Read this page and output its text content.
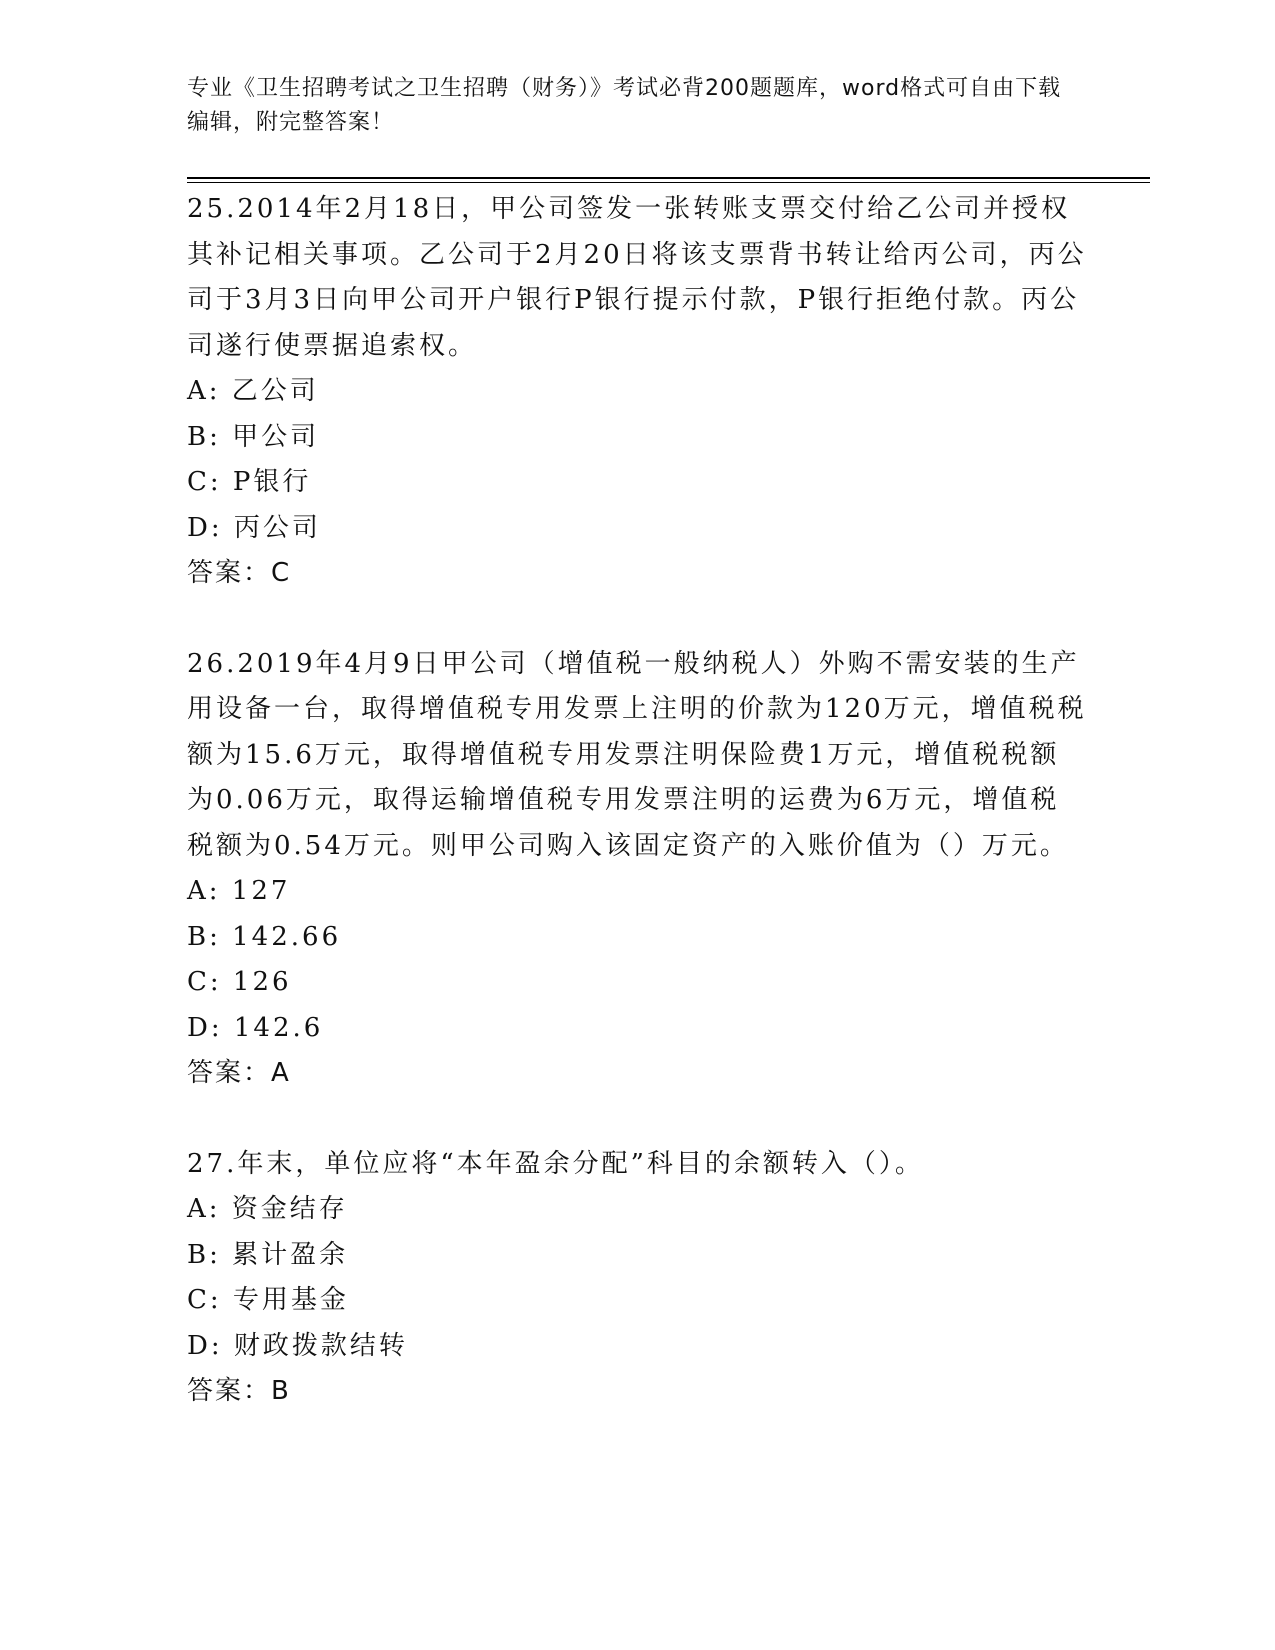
专业《卫生招聘考试之卫生招聘（财务）》考试必背200题题库，word格式可自由下载编辑，附完整答案！

25.2014年2月18日，甲公司签发一张转账支票交付给乙公司并授权其补记相关事项。乙公司于2月20日将该支票背书转让给丙公司，丙公司于3月3日向甲公司开户银行P银行提示付款，P银行拒绝付款。丙公司遂行使票据追索权。

A: 乙公司

B: 甲公司

C: P银行

D: 丙公司

答案：C

26.2019年4月9日甲公司（增值税一般纳税人）外购不需安装的生产用设备一台，取得增值税专用发票上注明的价款为120万元，增值税税额为15.6万元，取得增值税专用发票注明保险费1万元，增值税税额为0.06万元，取得运输增值税专用发票注明的运费为6万元，增值税税额为0.54万元。则甲公司购入该固定资产的入账价值为（）万元。

A: 127

B: 142.66

C: 126

D: 142.6

答案：A

27.年末，单位应将“本年盈余分配”科目的余额转入（）。

A: 资金结存

B: 累计盈余

C: 专用基金

D: 财政拨款结转

答案：B
